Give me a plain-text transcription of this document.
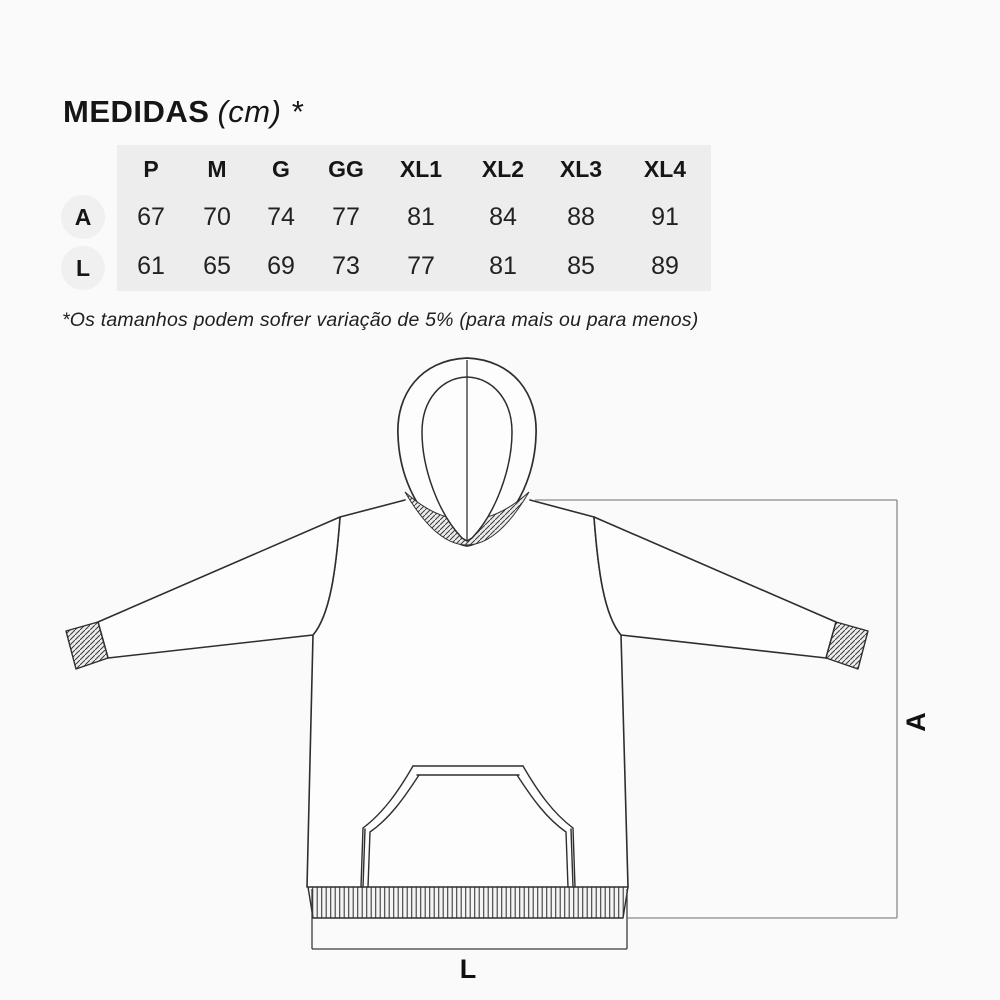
MEDIDAS (cm) *
A
L
P M G GG XL1 XL2 XL3 XL4
67 70 74 77 81 84 88 91
61 65 69 73 77 81 85 89
*Os tamanhos podem sofrer variação de 5% (para mais ou para menos)
A
L
